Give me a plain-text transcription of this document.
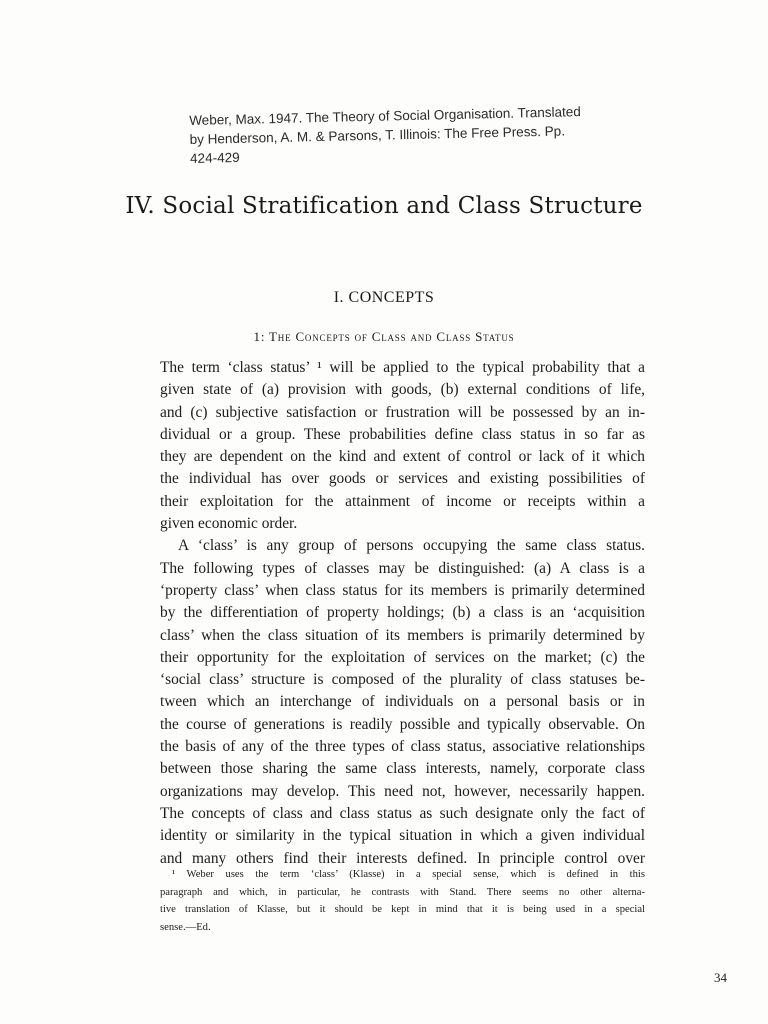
Weber, Max. 1947. The Theory of Social Organisation. Translated
by Henderson, A. M. & Parsons, T. Illinois: The Free Press. Pp.
424-429
IV. Social Stratification and Class Structure
I. CONCEPTS
1: The Concepts of Class and Class Status
The term ‘class status’ ¹ will be applied to the typical probability that a
given state of (a) provision with goods, (b) external conditions of life,
and (c) subjective satisfaction or frustration will be possessed by an in-
dividual or a group. These probabilities define class status in so far as
they are dependent on the kind and extent of control or lack of it which
the individual has over goods or services and existing possibilities of
their exploitation for the attainment of income or receipts within a
given economic order.
A ‘class’ is any group of persons occupying the same class status.
The following types of classes may be distinguished: (a) A class is a
‘property class’ when class status for its members is primarily determined
by the differentiation of property holdings; (b) a class is an ‘acquisition
class’ when the class situation of its members is primarily determined by
their opportunity for the exploitation of services on the market; (c) the
‘social class’ structure is composed of the plurality of class statuses be-
tween which an interchange of individuals on a personal basis or in
the course of generations is readily possible and typically observable. On
the basis of any of the three types of class status, associative relationships
between those sharing the same class interests, namely, corporate class
organizations may develop. This need not, however, necessarily happen.
The concepts of class and class status as such designate only the fact of
identity or similarity in the typical situation in which a given individual
and many others find their interests defined. In principle control over
¹ Weber uses the term ‘class’ (Klasse) in a special sense, which is defined in this
paragraph and which, in particular, he contrasts with Stand. There seems no other alterna-
tive translation of Klasse, but it should be kept in mind that it is being used in a special
sense.—Ed.
34
